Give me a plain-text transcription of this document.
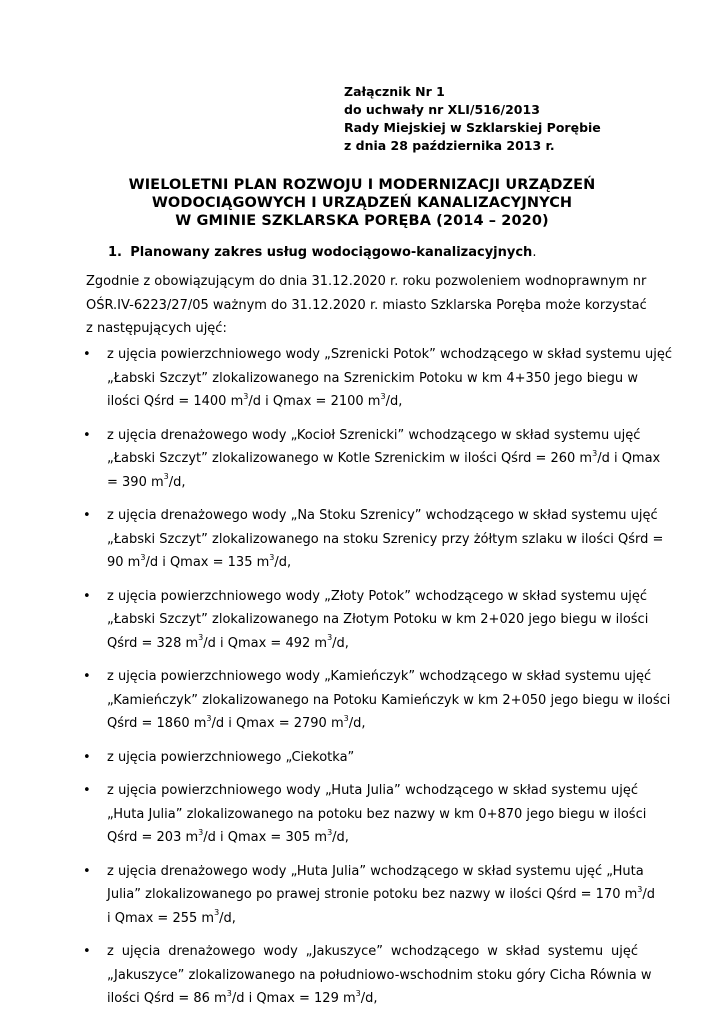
Załącznik Nr 1
do uchwały nr XLI/516/2013
Rady Miejskiej w Szklarskiej Porębie
z dnia 28 października 2013 r.
WIELOLETNI PLAN ROZWOJU I MODERNIZACJI URZĄDZEŃ
WODOCIĄGOWYCH I URZĄDZEŃ KANALIZACYJNYCH
W GMINIE SZKLARSKA PORĘBA (2014 – 2020)
1. Planowany zakres usług wodociągowo-kanalizacyjnych.
Zgodnie z obowiązującym do dnia 31.12.2020 r. roku pozwoleniem wodnoprawnym nr
OŚR.IV-6223/27/05 ważnym do 31.12.2020 r. miasto Szklarska Poręba może korzystać
z następujących ujęć:
• z ujęcia powierzchniowego wody „Szrenicki Potok” wchodzącego w skład systemu ujęć
„Łabski Szczyt” zlokalizowanego na Szrenickim Potoku w km 4+350 jego biegu w
ilości Qśrd = 1400 $m^3/d$ i Qmax = 2100 $m^3/d$,
• z ujęcia drenażowego wody „Kocioł Szrenicki” wchodzącego w skład systemu ujęć
„Łabski Szczyt” zlokalizowanego w Kotle Szrenickim w ilości Qśrd = 260 $m^3/d$ i Qmax
= 390 $m^3/d$,
• z ujęcia drenażowego wody „Na Stoku Szrenicy” wchodzącego w skład systemu ujęć
„Łabski Szczyt” zlokalizowanego na stoku Szrenicy przy żółtym szlaku w ilości Qśrd =
90 $m^3/d$ i Qmax = 135 $m^3/d$,
• z ujęcia powierzchniowego wody „Złoty Potok” wchodzącego w skład systemu ujęć
„Łabski Szczyt” zlokalizowanego na Złotym Potoku w km 2+020 jego biegu w ilości
Qśrd = 328 $m^3/d$ i Qmax = 492 $m^3/d$,
• z ujęcia powierzchniowego wody „Kamieńczyk” wchodzącego w skład systemu ujęć
„Kamieńczyk” zlokalizowanego na Potoku Kamieńczyk w km 2+050 jego biegu w ilości
Qśrd = 1860 $m^3/d$ i Qmax = 2790 $m^3/d$,
• z ujęcia powierzchniowego „Ciekotka”
• z ujęcia powierzchniowego wody „Huta Julia” wchodzącego w skład systemu ujęć
„Huta Julia” zlokalizowanego na potoku bez nazwy w km 0+870 jego biegu w ilości
Qśrd = 203 $m^3/d$ i Qmax = 305 $m^3/d$,
• z ujęcia drenażowego wody „Huta Julia” wchodzącego w skład systemu ujęć „Huta
Julia” zlokalizowanego po prawej stronie potoku bez nazwy w ilości Qśrd = 170 $m^3/d$
i Qmax = 255 $m^3/d$,
• z ujęcia drenażowego wody „Jakuszyce” wchodzącego w skład systemu ujęć
„Jakuszyce” zlokalizowanego na południowo-wschodnim stoku góry Cicha Równia w
ilości Qśrd = 86 $m^3/d$ i Qmax = 129 $m^3/d$,
